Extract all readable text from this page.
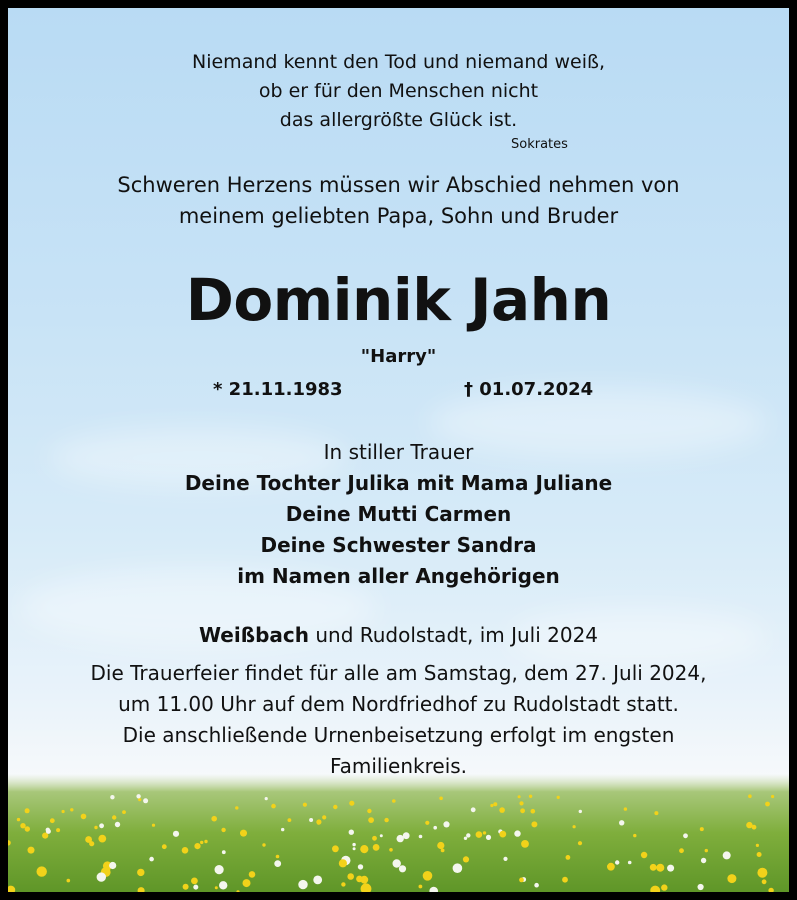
Niemand kennt den Tod und niemand weiß,
ob er für den Menschen nicht
das allergrößte Glück ist.
Sokrates
Schweren Herzens müssen wir Abschied nehmen von
meinem geliebten Papa, Sohn und Bruder
Dominik Jahn
"Harry"
* 21.11.1983	† 01.07.2024
In stiller Trauer
Deine Tochter Julika mit Mama Juliane
Deine Mutti Carmen
Deine Schwester Sandra
im Namen aller Angehörigen
Weißbach und Rudolstadt, im Juli 2024
Die Trauerfeier findet für alle am Samstag, dem 27. Juli 2024,
um 11.00 Uhr auf dem Nordfriedhof zu Rudolstadt statt.
Die anschließende Urnenbeisetzung erfolgt im engsten
Familienkreis.
